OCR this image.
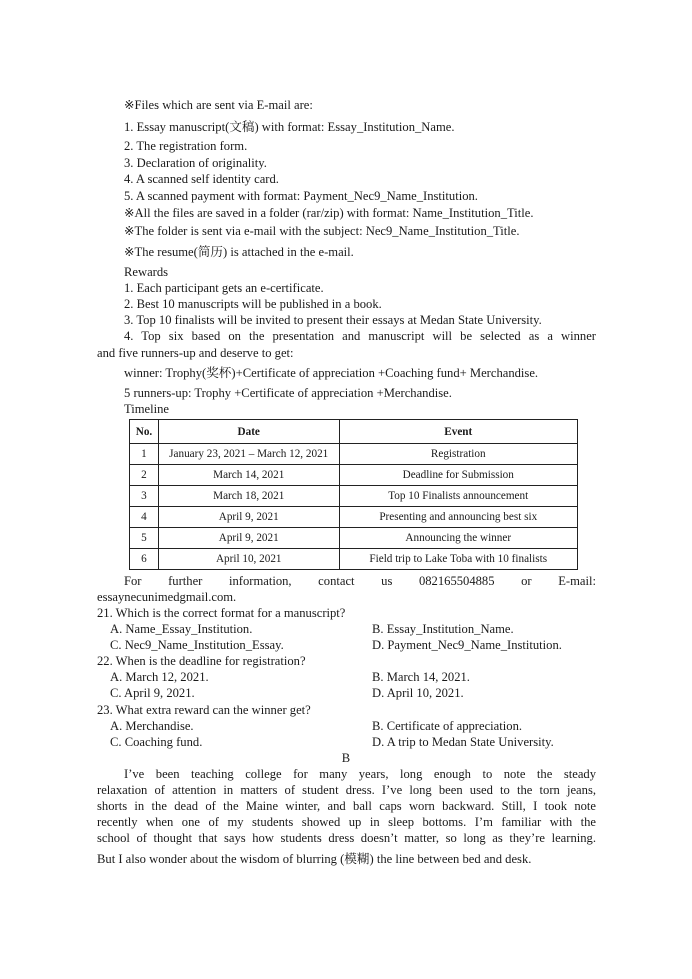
※Files which are sent via E-mail are:
1. Essay manuscript(文稿) with format: Essay_Institution_Name.
2. The registration form.
3. Declaration of originality.
4. A scanned self identity card.
5. A scanned payment with format: Payment_Nec9_Name_Institution.
※All the files are saved in a folder (rar/zip) with format: Name_Institution_Title.
※The folder is sent via e-mail with the subject: Nec9_Name_Institution_Title.
※The resume(简历) is attached in the e-mail.
Rewards
1. Each participant gets an e-certificate.
2. Best 10 manuscripts will be published in a book.
3. Top 10 finalists will be invited to present their essays at Medan State University.
4. Top six based on the presentation and manuscript will be selected as a winner
and five runners-up and deserve to get:
winner: Trophy(奖杯)+Certificate of appreciation +Coaching fund+ Merchandise.
5 runners-up: Trophy +Certificate of appreciation +Merchandise.
Timeline
No.	Date	Event
1	January 23, 2021 – March 12, 2021	Registration
2	March 14, 2021	Deadline for Submission
3	March 18, 2021	Top 10 Finalists announcement
4	April 9, 2021	Presenting and announcing best six
5	April 9, 2021	Announcing the winner
6	April 10, 2021	Field trip to Lake Toba with 10 finalists
For further information, contact us 082165504885 or E-mail:
essaynecunimedgmail.com.
21. Which is the correct format for a manuscript?
A. Name_Essay_Institution.	B. Essay_Institution_Name.
C. Nec9_Name_Institution_Essay.	D. Payment_Nec9_Name_Institution.
22. When is the deadline for registration?
A. March 12, 2021.	B. March 14, 2021.
C. April 9, 2021.	D. April 10, 2021.
23. What extra reward can the winner get?
A. Merchandise.	B. Certificate of appreciation.
C. Coaching fund.	D. A trip to Medan State University.
B
I’ve been teaching college for many years, long enough to note the steady
relaxation of attention in matters of student dress. I’ve long been used to the torn jeans,
shorts in the dead of the Maine winter, and ball caps worn backward. Still, I took note
recently when one of my students showed up in sleep bottoms. I’m familiar with the
school of thought that says how students dress doesn’t matter, so long as they’re learning.
But I also wonder about the wisdom of blurring (模糊) the line between bed and desk.
